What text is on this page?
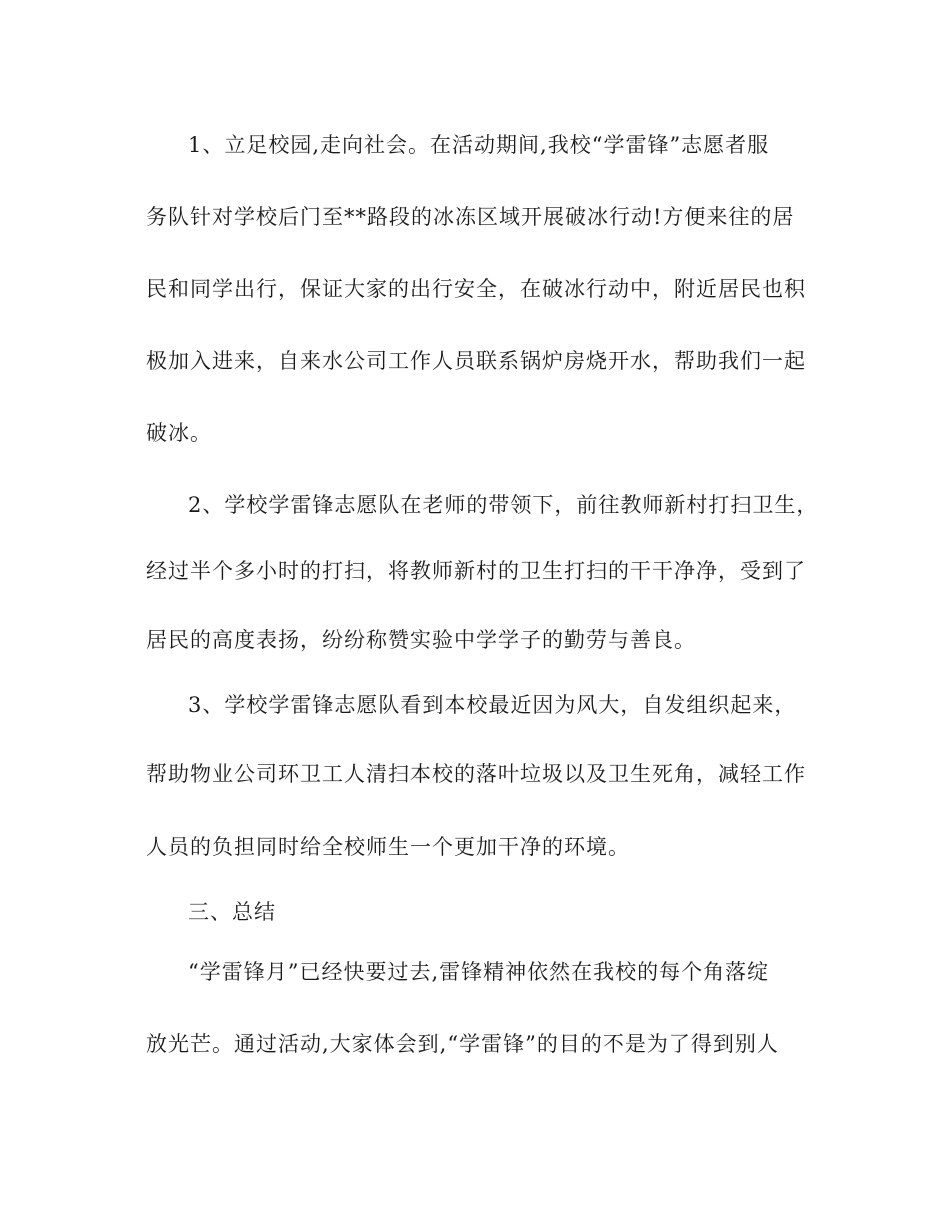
1、立足校园,走向社会。在活动期间,我校“学雷锋”志愿者服
务队针对学校后门至**路段的冰冻区域开展破冰行动!方便来往的居
民和同学出行，保证大家的出行安全，在破冰行动中，附近居民也积
极加入进来，自来水公司工作人员联系锅炉房烧开水，帮助我们一起
破冰。
2、学校学雷锋志愿队在老师的带领下，前往教师新村打扫卫生，
经过半个多小时的打扫，将教师新村的卫生打扫的干干净净，受到了
居民的高度表扬，纷纷称赞实验中学学子的勤劳与善良。
3、学校学雷锋志愿队看到本校最近因为风大，自发组织起来，
帮助物业公司环卫工人清扫本校的落叶垃圾以及卫生死角，减轻工作
人员的负担同时给全校师生一个更加干净的环境。
三、总结
“学雷锋月”已经快要过去,雷锋精神依然在我校的每个角落绽
放光芒。通过活动,大家体会到,“学雷锋”的目的不是为了得到别人
